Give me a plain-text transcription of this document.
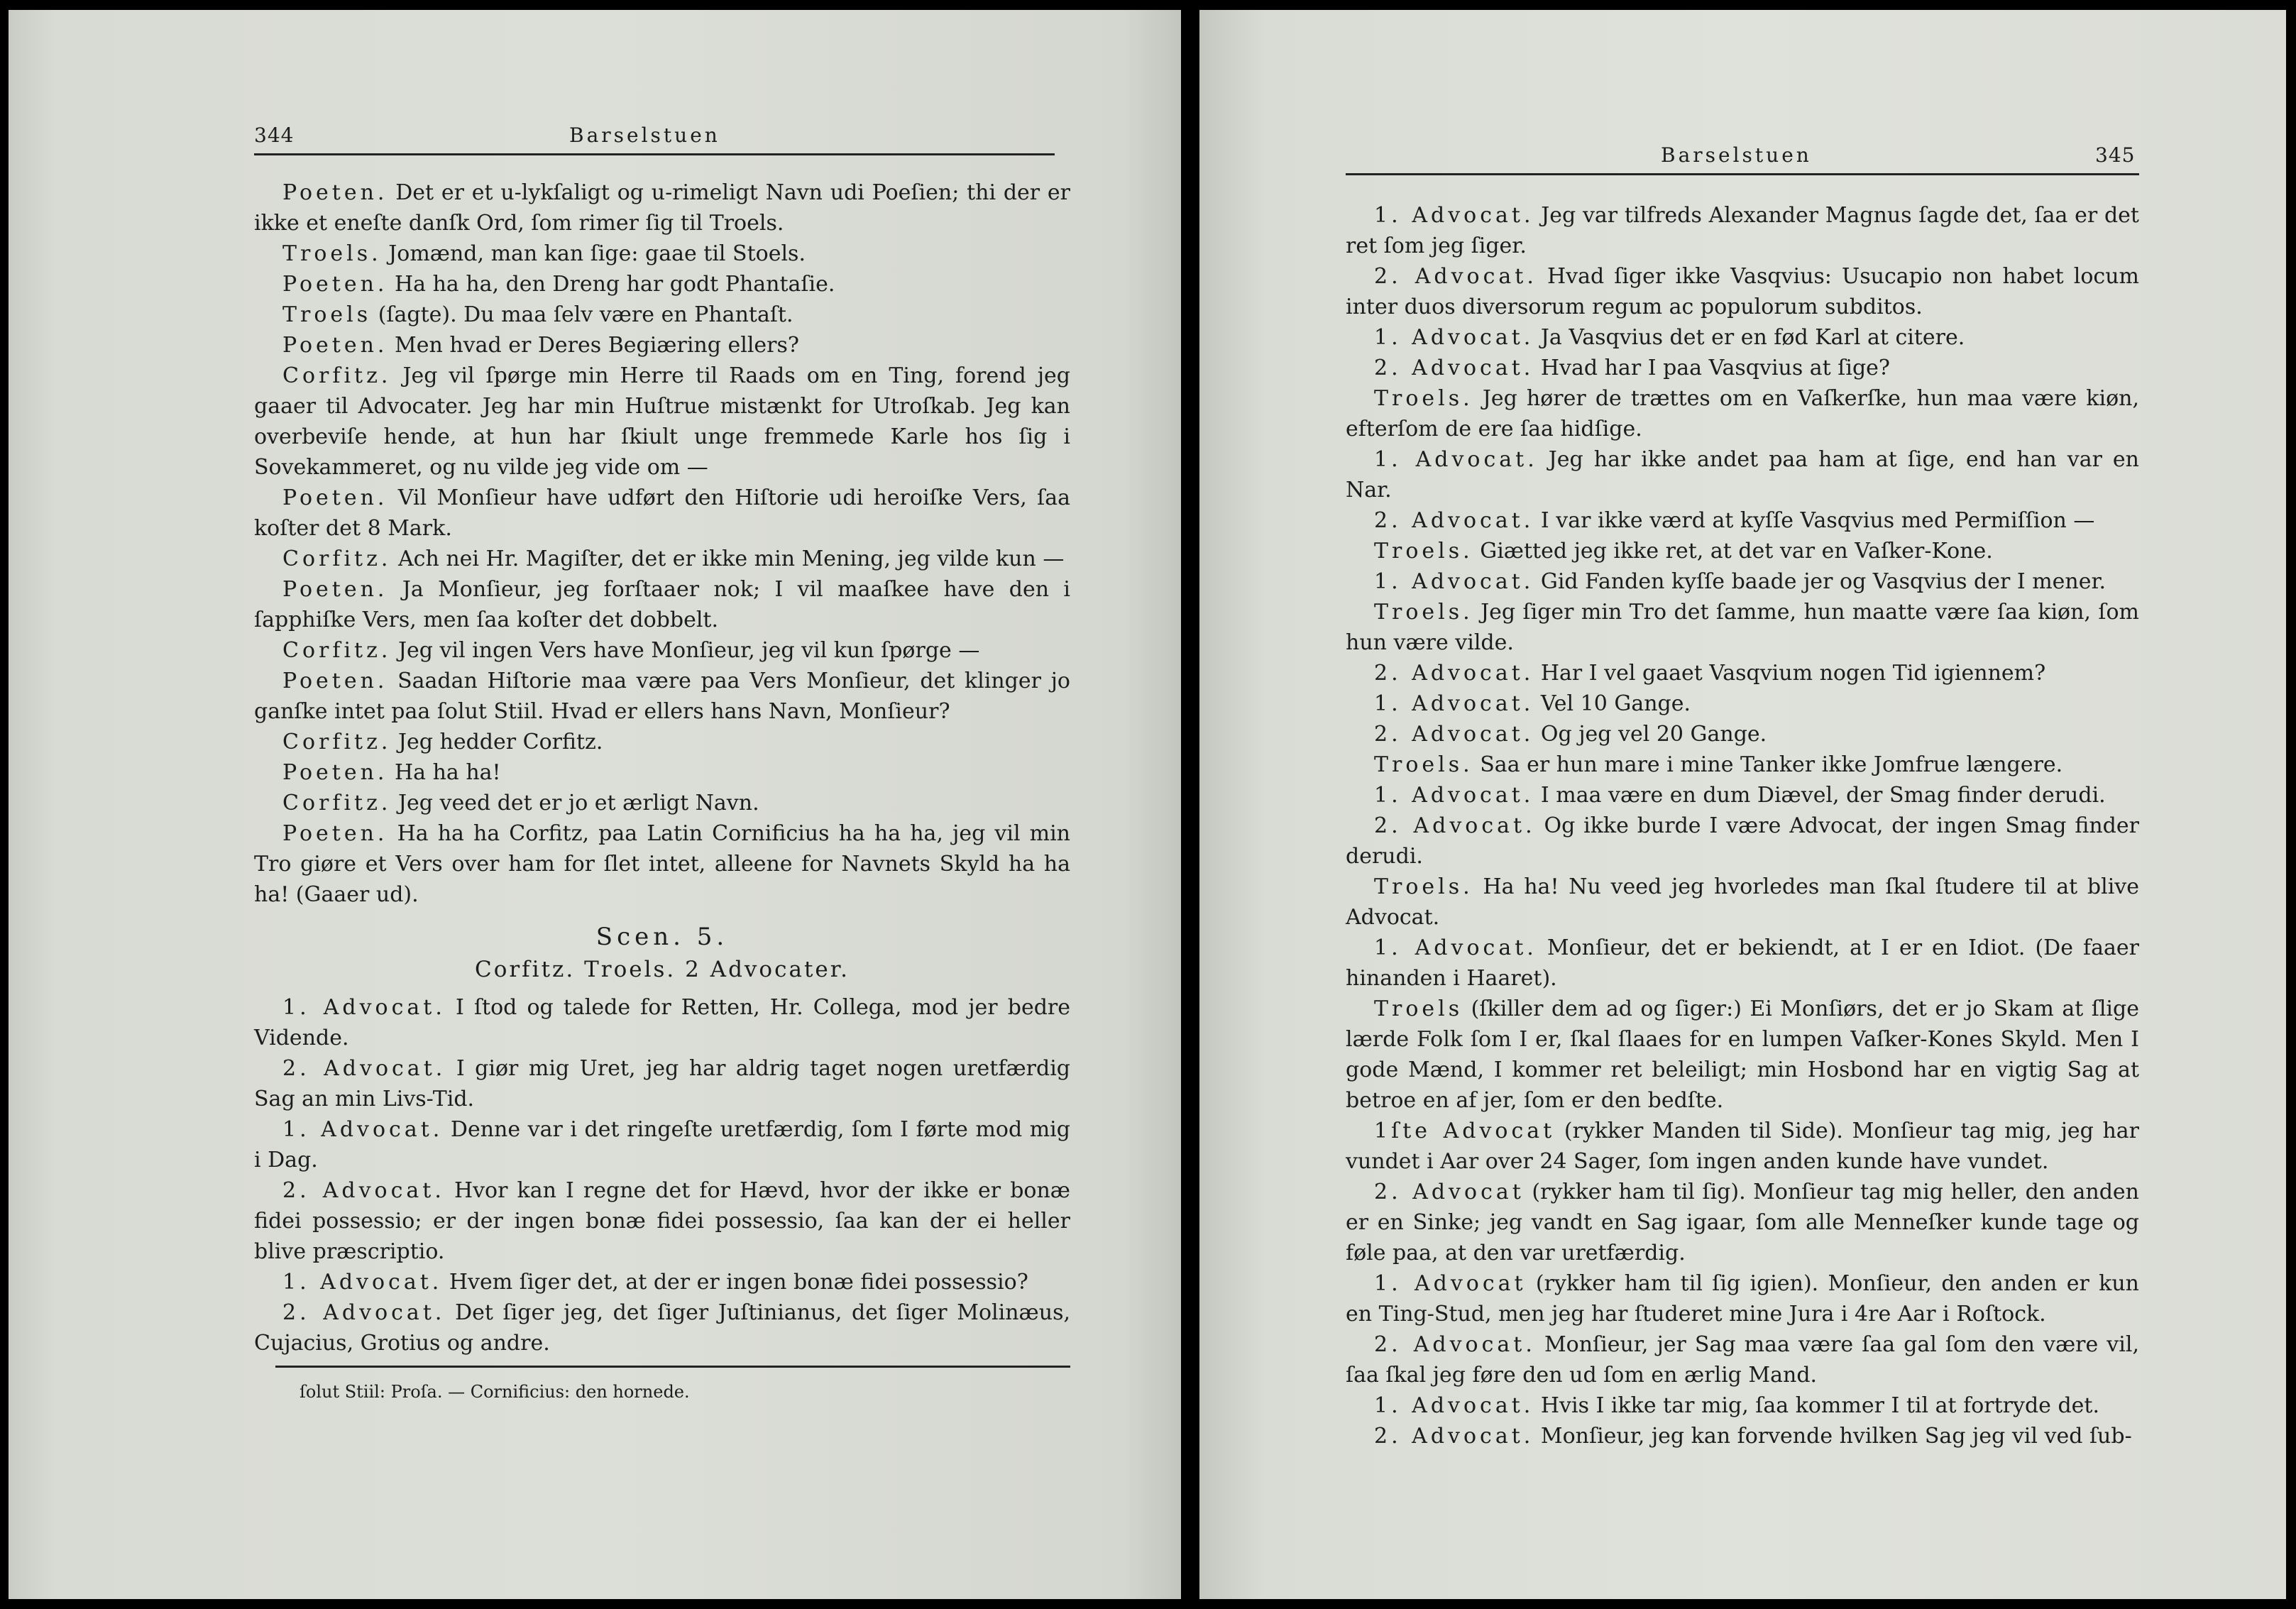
344	Barselstuen

Poeten. Det er et u-lykſaligt og u-rimeligt Navn udi Poeſien; thi der er ikke et eneſte danſk Ord, ſom rimer ſig til Troels.

Troels. Jomænd, man kan ſige: gaae til Stoels.

Poeten. Ha ha ha, den Dreng har godt Phantaſie.

Troels (ſagte). Du maa ſelv være en Phantaſt.

Poeten. Men hvad er Deres Begiæring ellers?

Corfitz. Jeg vil ſpørge min Herre til Raads om en Ting, forend jeg gaaer til Advocater. Jeg har min Huſtrue mistænkt for Utroſkab. Jeg kan overbeviſe hende, at hun har ſkiult unge fremmede Karle hos ſig i Sovekammeret, og nu vilde jeg vide om —

Poeten. Vil Monſieur have udført den Hiſtorie udi heroiſke Vers, ſaa koſter det 8 Mark.

Corfitz. Ach nei Hr. Magiſter, det er ikke min Mening, jeg vilde kun —

Poeten. Ja Monſieur, jeg forſtaaer nok; I vil maaſkee have den i ſapphiſke Vers, men ſaa koſter det dobbelt.

Corfitz. Jeg vil ingen Vers have Monſieur, jeg vil kun ſpørge —

Poeten. Saadan Hiſtorie maa være paa Vers Monſieur, det klinger jo ganſke intet paa ſolut Stiil. Hvad er ellers hans Navn, Monſieur?

Corfitz. Jeg hedder Corfitz.

Poeten. Ha ha ha!

Corfitz. Jeg veed det er jo et ærligt Navn.

Poeten. Ha ha ha Corfitz, paa Latin Cornificius ha ha ha, jeg vil min Tro giøre et Vers over ham for ſlet intet, alleene for Navnets Skyld ha ha ha! (Gaaer ud).

Scen. 5.
Corfitz. Troels. 2 Advocater.

1. Advocat. I ſtod og talede for Retten, Hr. Collega, mod jer bedre Vidende.

2. Advocat. I giør mig Uret, jeg har aldrig taget nogen uretfærdig Sag an min Livs-Tid.

1. Advocat. Denne var i det ringeſte uretfærdig, ſom I førte mod mig i Dag.

2. Advocat. Hvor kan I regne det for Hævd, hvor der ikke er bonæ fidei possessio; er der ingen bonæ fidei possessio, ſaa kan der ei heller blive præscriptio.

1. Advocat. Hvem ſiger det, at der er ingen bonæ fidei possessio?

2. Advocat. Det ſiger jeg, det ſiger Juſtinianus, det ſiger Molinæus, Cujacius, Grotius og andre.

ſolut Stiil: Proſa. — Cornificius: den hornede.
Barselstuen	345

1. Advocat. Jeg var tilfreds Alexander Magnus ſagde det, ſaa er det ret ſom jeg ſiger.

2. Advocat. Hvad ſiger ikke Vasqvius: Usucapio non habet locum inter duos diversorum regum ac populorum subditos.

1. Advocat. Ja Vasqvius det er en fød Karl at citere.

2. Advocat. Hvad har I paa Vasqvius at ſige?

Troels. Jeg hører de trættes om en Vaſkerſke, hun maa være kiøn, efterſom de ere ſaa hidſige.

1. Advocat. Jeg har ikke andet paa ham at ſige, end han var en Nar.

2. Advocat. I var ikke værd at kyſſe Vasqvius med Permiſſion —

Troels. Giætted jeg ikke ret, at det var en Vaſker-Kone.

1. Advocat. Gid Fanden kyſſe baade jer og Vasqvius der I mener.

Troels. Jeg ſiger min Tro det ſamme, hun maatte være ſaa kiøn, ſom hun være vilde.

2. Advocat. Har I vel gaaet Vasqvium nogen Tid igiennem?

1. Advocat. Vel 10 Gange.

2. Advocat. Og jeg vel 20 Gange.

Troels. Saa er hun mare i mine Tanker ikke Jomfrue længere.

1. Advocat. I maa være en dum Diævel, der Smag finder derudi.

2. Advocat. Og ikke burde I være Advocat, der ingen Smag finder derudi.

Troels. Ha ha! Nu veed jeg hvorledes man ſkal ſtudere til at blive Advocat.

1. Advocat. Monſieur, det er bekiendt, at I er en Idiot. (De faaer hinanden i Haaret).

Troels (ſkiller dem ad og ſiger:) Ei Monſiørs, det er jo Skam at ſlige lærde Folk ſom I er, ſkal ſlaaes for en lumpen Vaſker-Kones Skyld. Men I gode Mænd, I kommer ret beleiligt; min Hosbond har en vigtig Sag at betroe en af jer, ſom er den bedſte.

1ſte Advocat (rykker Manden til Side). Monſieur tag mig, jeg har vundet i Aar over 24 Sager, ſom ingen anden kunde have vundet.

2. Advocat (rykker ham til ſig). Monſieur tag mig heller, den anden er en Sinke; jeg vandt en Sag igaar, ſom alle Menneſker kunde tage og føle paa, at den var uretfærdig.

1. Advocat (rykker ham til ſig igien). Monſieur, den anden er kun en Ting-Stud, men jeg har ſtuderet mine Jura i 4re Aar i Roſtock.

2. Advocat. Monſieur, jer Sag maa være ſaa gal ſom den være vil, ſaa ſkal jeg føre den ud ſom en ærlig Mand.

1. Advocat. Hvis I ikke tar mig, ſaa kommer I til at fortryde det.

2. Advocat. Monſieur, jeg kan forvende hvilken Sag jeg vil ved ſub-
